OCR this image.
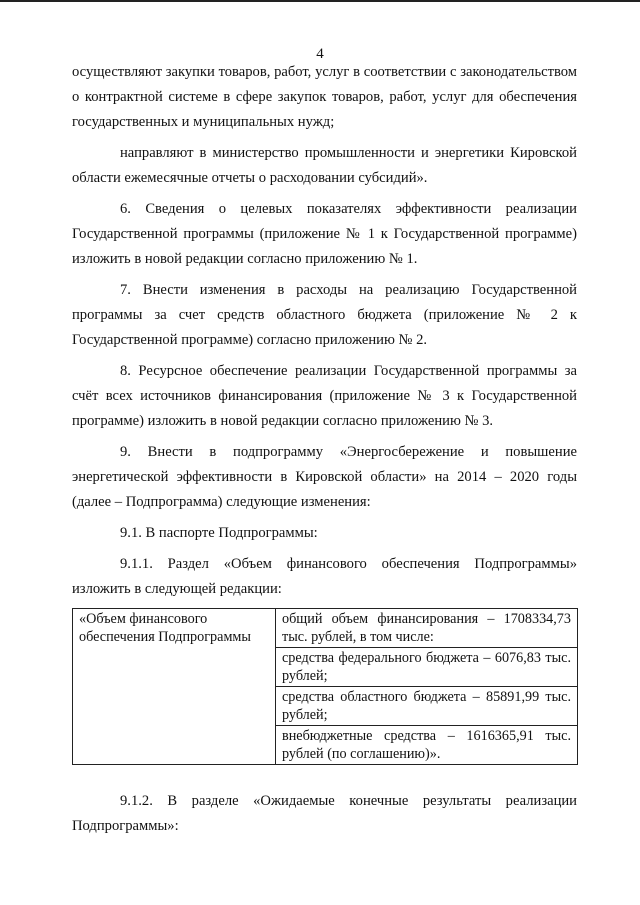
4

осуществляют закупки товаров, работ, услуг в соответствии с законодательством о контрактной системе в сфере закупок товаров, работ, услуг для обеспечения государственных и муниципальных нужд;

направляют в министерство промышленности и энергетики Кировской области ежемесячные отчеты о расходовании субсидий».

6. Сведения о целевых показателях эффективности реализации Государственной программы (приложение № 1 к Государственной программе) изложить в новой редакции согласно приложению № 1.

7. Внести изменения в расходы на реализацию Государственной программы за счет средств областного бюджета (приложение № 2 к Государственной программе) согласно приложению № 2.

8. Ресурсное обеспечение реализации Государственной программы за счёт всех источников финансирования (приложение № 3 к Государственной программе) изложить в новой редакции согласно приложению № 3.

9. Внести в подпрограмму «Энергосбережение и повышение энергетической эффективности в Кировской области» на 2014 – 2020 годы (далее – Подпрограмма) следующие изменения:

9.1. В паспорте Подпрограммы:

9.1.1. Раздел «Объем финансового обеспечения Подпрограммы» изложить в следующей редакции:

«Объем финансового обеспечения Подпрограммы	общий объем финансирования – 1708334,73 тыс. рублей, в том числе:
средства федерального бюджета – 6076,83 тыс. рублей;
средства областного бюджета – 85891,99 тыс. рублей;
внебюджетные средства – 1616365,91 тыс. рублей (по соглашению)».

9.1.2. В разделе «Ожидаемые конечные результаты реализации Подпрограммы»:
